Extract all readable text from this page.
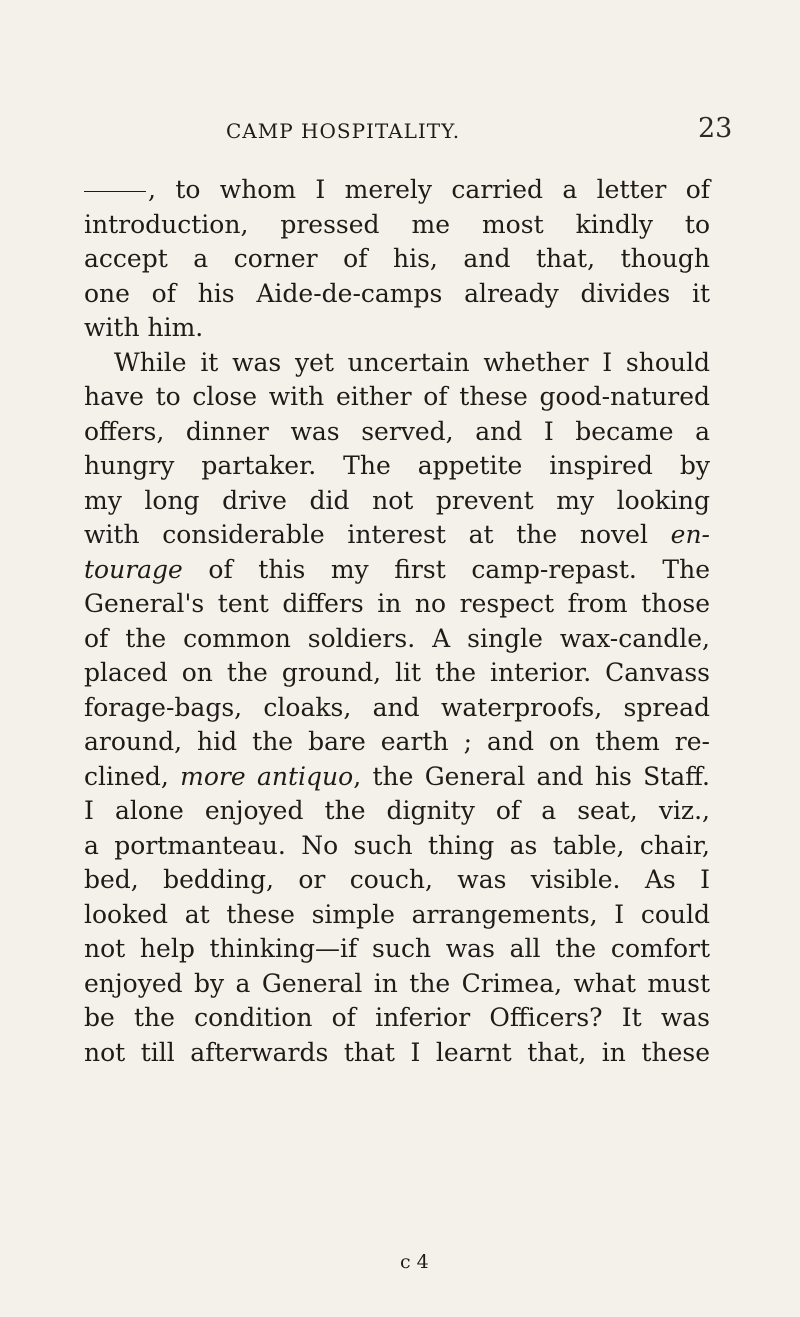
CAMP HOSPITALITY.	23
, to whom I merely carried a letter of
introduction, pressed me most kindly to
accept a corner of his, and that, though
one of his Aide-de-camps already divides it
with him.
While it was yet uncertain whether I should
have to close with either of these good-natured
offers, dinner was served, and I became a
hungry partaker. The appetite inspired by
my long drive did not prevent my looking
with considerable interest at the novel en-
tourage of this my first camp-repast. The
General's tent differs in no respect from those
of the common soldiers. A single wax-candle,
placed on the ground, lit the interior. Canvass
forage-bags, cloaks, and waterproofs, spread
around, hid the bare earth ; and on them re-
clined, more antiquo, the General and his Staff.
I alone enjoyed the dignity of a seat, viz.,
a portmanteau. No such thing as table, chair,
bed, bedding, or couch, was visible. As I
looked at these simple arrangements, I could
not help thinking—if such was all the comfort
enjoyed by a General in the Crimea, what must
be the condition of inferior Officers? It was
not till afterwards that I learnt that, in these
c 4
